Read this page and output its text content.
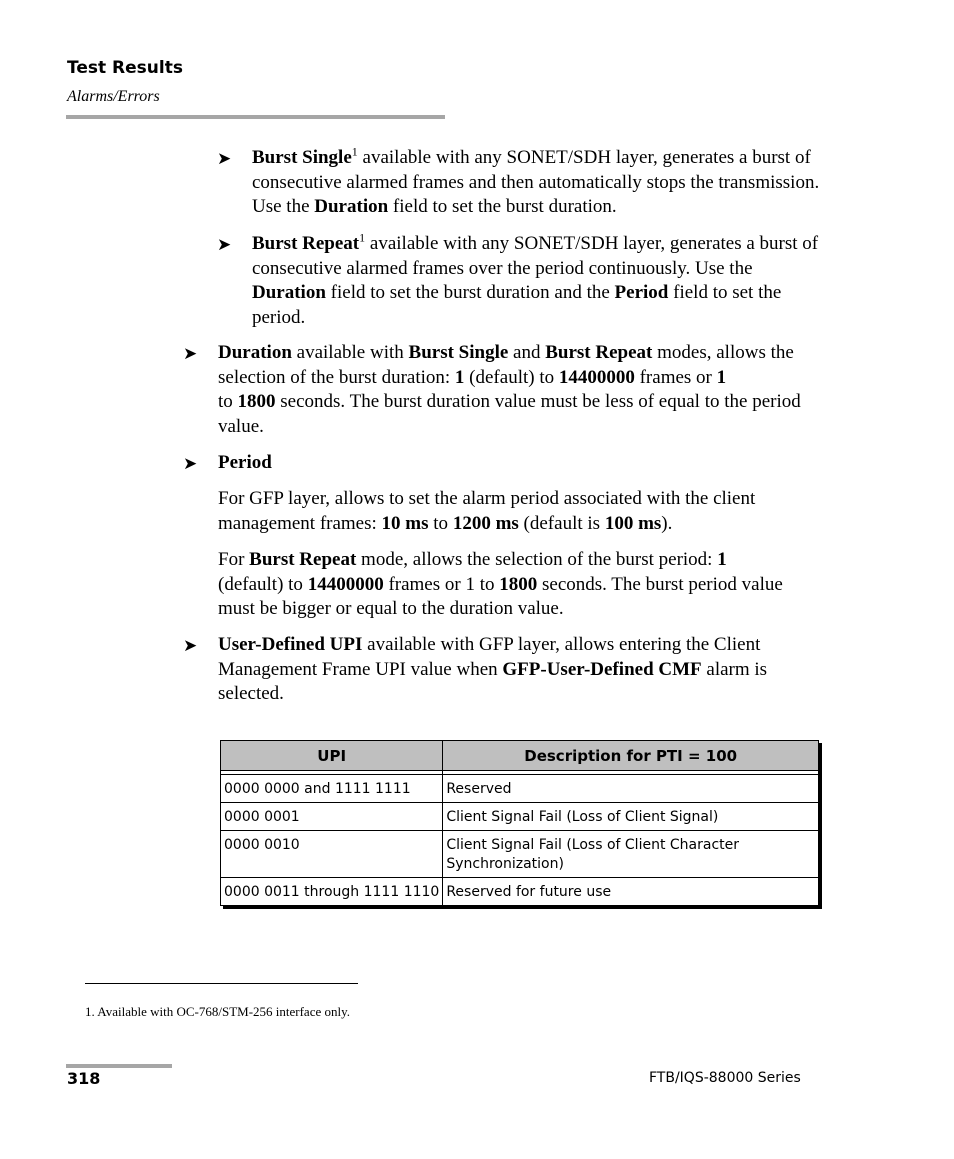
Test Results
Alarms/Errors
➤ Burst Single$^1$ available with any SONET/SDH layer, generates a burst of consecutive alarmed frames and then automatically stops the transmission. Use the Duration field to set the burst duration.
➤ Burst Repeat$^1$ available with any SONET/SDH layer, generates a burst of consecutive alarmed frames over the period continuously. Use the Duration field to set the burst duration and the Period field to set the period.
➤ Duration available with Burst Single and Burst Repeat modes, allows the selection of the burst duration: 1 (default) to 14400000 frames or 1
to 1800 seconds. The burst duration value must be less of equal to the period value.
➤ Period
For GFP layer, allows to set the alarm period associated with the client management frames: 10 ms to 1200 ms (default is 100 ms).
For Burst Repeat mode, allows the selection of the burst period: 1
(default) to 14400000 frames or 1 to 1800 seconds. The burst period value must be bigger or equal to the duration value.
➤ User-Defined UPI available with GFP layer, allows entering the Client Management Frame UPI value when GFP-User-Defined CMF alarm is selected.
UPI	Description for PTI = 100

0000 0000 and 1111 1111	Reserved
0000 0001	Client Signal Fail (Loss of Client Signal)
0000 0010	Client Signal Fail (Loss of Client Character Synchronization)
0000 0011 through 1111 1110	Reserved for future use
1. Available with OC-768/STM-256 interface only.
318	FTB/IQS-88000 Series
